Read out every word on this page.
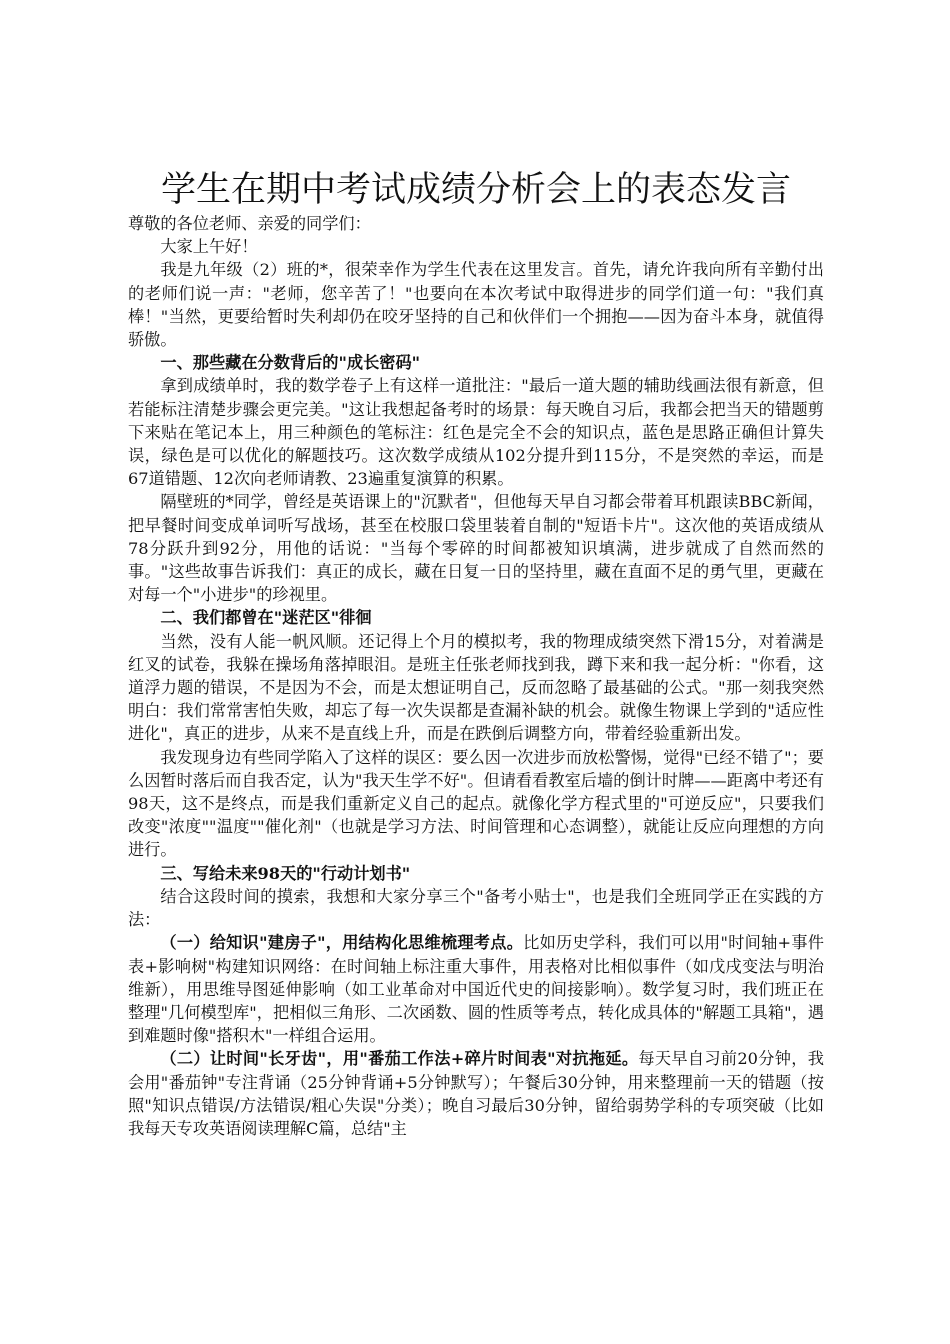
学生在期中考试成绩分析会上的表态发言

尊敬的各位老师、亲爱的同学们：

大家上午好！

我是九年级（2）班的*，很荣幸作为学生代表在这里发言。首先，请允许我向所有辛勤付出的老师们说一声："老师，您辛苦了！"也要向在本次考试中取得进步的同学们道一句："我们真棒！"当然，更要给暂时失利却仍在咬牙坚持的自己和伙伴们一个拥抱——因为奋斗本身，就值得骄傲。

一、那些藏在分数背后的"成长密码"

拿到成绩单时，我的数学卷子上有这样一道批注："最后一道大题的辅助线画法很有新意，但若能标注清楚步骤会更完美。"这让我想起备考时的场景：每天晚自习后，我都会把当天的错题剪下来贴在笔记本上，用三种颜色的笔标注：红色是完全不会的知识点，蓝色是思路正确但计算失误，绿色是可以优化的解题技巧。这次数学成绩从102分提升到115分，不是突然的幸运，而是67道错题、12次向老师请教、23遍重复演算的积累。

隔壁班的*同学，曾经是英语课上的"沉默者"，但他每天早自习都会带着耳机跟读BBC新闻，把早餐时间变成单词听写战场，甚至在校服口袋里装着自制的"短语卡片"。这次他的英语成绩从78分跃升到92分，用他的话说："当每个零碎的时间都被知识填满，进步就成了自然而然的事。"这些故事告诉我们：真正的成长，藏在日复一日的坚持里，藏在直面不足的勇气里，更藏在对每一个"小进步"的珍视里。

二、我们都曾在"迷茫区"徘徊

当然，没有人能一帆风顺。还记得上个月的模拟考，我的物理成绩突然下滑15分，对着满是红叉的试卷，我躲在操场角落掉眼泪。是班主任张老师找到我，蹲下来和我一起分析："你看，这道浮力题的错误，不是因为不会，而是太想证明自己，反而忽略了最基础的公式。"那一刻我突然明白：我们常常害怕失败，却忘了每一次失误都是查漏补缺的机会。就像生物课上学到的"适应性进化"，真正的进步，从来不是直线上升，而是在跌倒后调整方向，带着经验重新出发。

我发现身边有些同学陷入了这样的误区：要么因一次进步而放松警惕，觉得"已经不错了"；要么因暂时落后而自我否定，认为"我天生学不好"。但请看看教室后墙的倒计时牌——距离中考还有98天，这不是终点，而是我们重新定义自己的起点。就像化学方程式里的"可逆反应"，只要我们改变"浓度""温度""催化剂"（也就是学习方法、时间管理和心态调整），就能让反应向理想的方向进行。

三、写给未来98天的"行动计划书"

结合这段时间的摸索，我想和大家分享三个"备考小贴士"，也是我们全班同学正在实践的方法：

（一）给知识"建房子"，用结构化思维梳理考点。比如历史学科，我们可以用"时间轴+事件表+影响树"构建知识网络：在时间轴上标注重大事件，用表格对比相似事件（如戊戌变法与明治维新），用思维导图延伸影响（如工业革命对中国近代史的间接影响）。数学复习时，我们班正在整理"几何模型库"，把相似三角形、二次函数、圆的性质等考点，转化成具体的"解题工具箱"，遇到难题时像"搭积木"一样组合运用。

（二）让时间"长牙齿"，用"番茄工作法+碎片时间表"对抗拖延。每天早自习前20分钟，我会用"番茄钟"专注背诵（25分钟背诵+5分钟默写）；午餐后30分钟，用来整理前一天的错题（按照"知识点错误/方法错误/粗心失误"分类）；晚自习最后30分钟，留给弱势学科的专项突破（比如我每天专攻英语阅读理解C篇，总结"主
